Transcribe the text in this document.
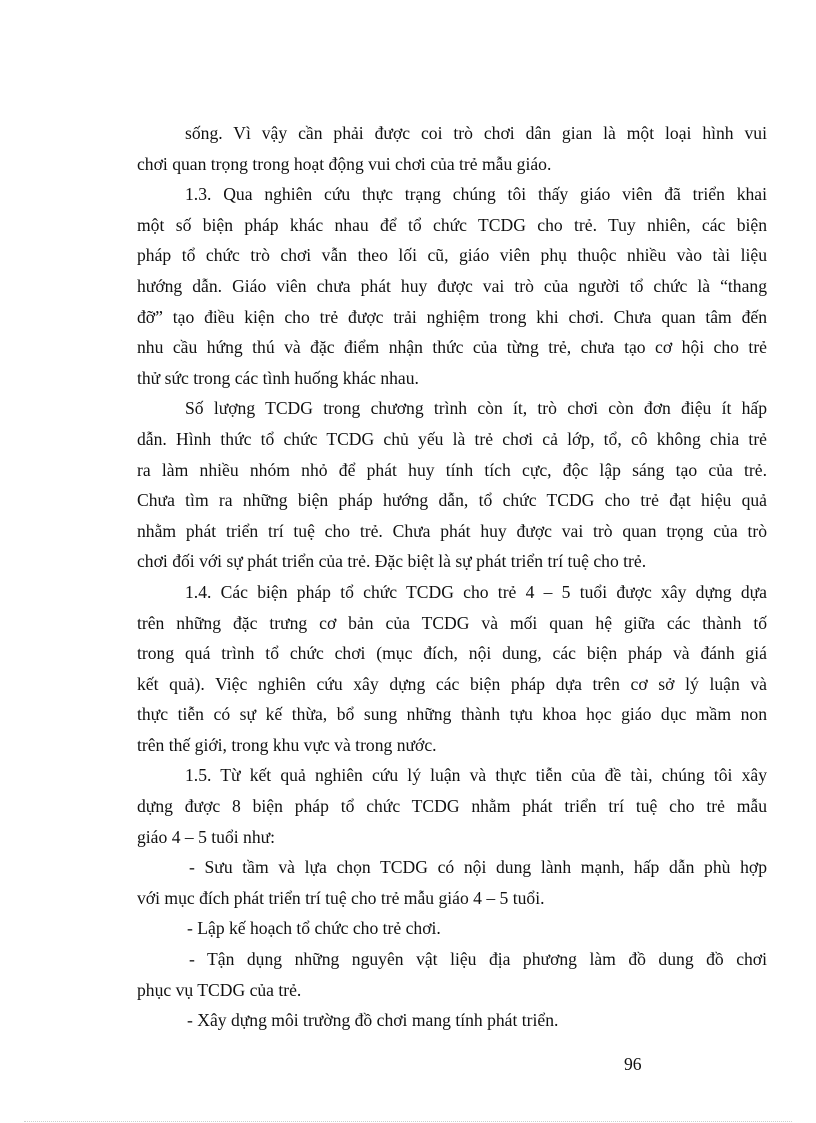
sống. Vì vậy cần phải được coi trò chơi dân gian là một loại hình vui
chơi quan trọng trong hoạt động vui chơi của trẻ mẫu giáo.
1.3. Qua nghiên cứu thực trạng chúng tôi thấy giáo viên đã triển khai
một số biện pháp khác nhau để tổ chức TCDG cho trẻ. Tuy nhiên, các biện
pháp tổ chức trò chơi vẫn theo lối cũ, giáo viên phụ thuộc nhiều vào tài liệu
hướng dẫn. Giáo viên chưa phát huy được vai trò của người tổ chức là “thang
đỡ” tạo điều kiện cho trẻ được trải nghiệm trong khi chơi. Chưa quan tâm đến
nhu cầu hứng thú và đặc điểm nhận thức của từng trẻ, chưa tạo cơ hội cho trẻ
thử sức trong các tình huống khác nhau.
Số lượng TCDG trong chương trình còn ít, trò chơi còn đơn điệu ít hấp
dẫn. Hình thức tổ chức TCDG chủ yếu là trẻ chơi cả lớp, tổ, cô không chia trẻ
ra làm nhiều nhóm nhỏ để phát huy tính tích cực, độc lập sáng tạo của trẻ.
Chưa tìm ra những biện pháp hướng dẫn, tổ chức TCDG cho trẻ đạt hiệu quả
nhằm phát triển trí tuệ cho trẻ. Chưa phát huy được vai trò quan trọng của trò
chơi đối với sự phát triển của trẻ. Đặc biệt là sự phát triển trí tuệ cho trẻ.
1.4. Các biện pháp tổ chức TCDG cho trẻ 4 – 5 tuổi được xây dựng dựa
trên những đặc trưng cơ bản của TCDG và mối quan hệ giữa các thành tố
trong quá trình tổ chức chơi (mục đích, nội dung, các biện pháp và đánh giá
kết quả). Việc nghiên cứu xây dựng các biện pháp dựa trên cơ sở lý luận và
thực tiễn có sự kế thừa, bổ sung những thành tựu khoa học giáo dục mầm non
trên thế giới, trong khu vực và trong nước.
1.5. Từ kết quả nghiên cứu lý luận và thực tiễn của đề tài, chúng tôi xây
dựng được 8 biện pháp tổ chức TCDG nhằm phát triển trí tuệ cho trẻ mẫu
giáo 4 – 5 tuổi như:
- Sưu tầm và lựa chọn TCDG có nội dung lành mạnh, hấp dẫn phù hợp
với mục đích phát triển trí tuệ cho trẻ mẫu giáo 4 – 5 tuổi.
- Lập kế hoạch tổ chức cho trẻ chơi.
- Tận dụng những nguyên vật liệu địa phương làm đồ dung đồ chơi
phục vụ TCDG của trẻ.
- Xây dựng môi trường đồ chơi mang tính phát triển.
96
